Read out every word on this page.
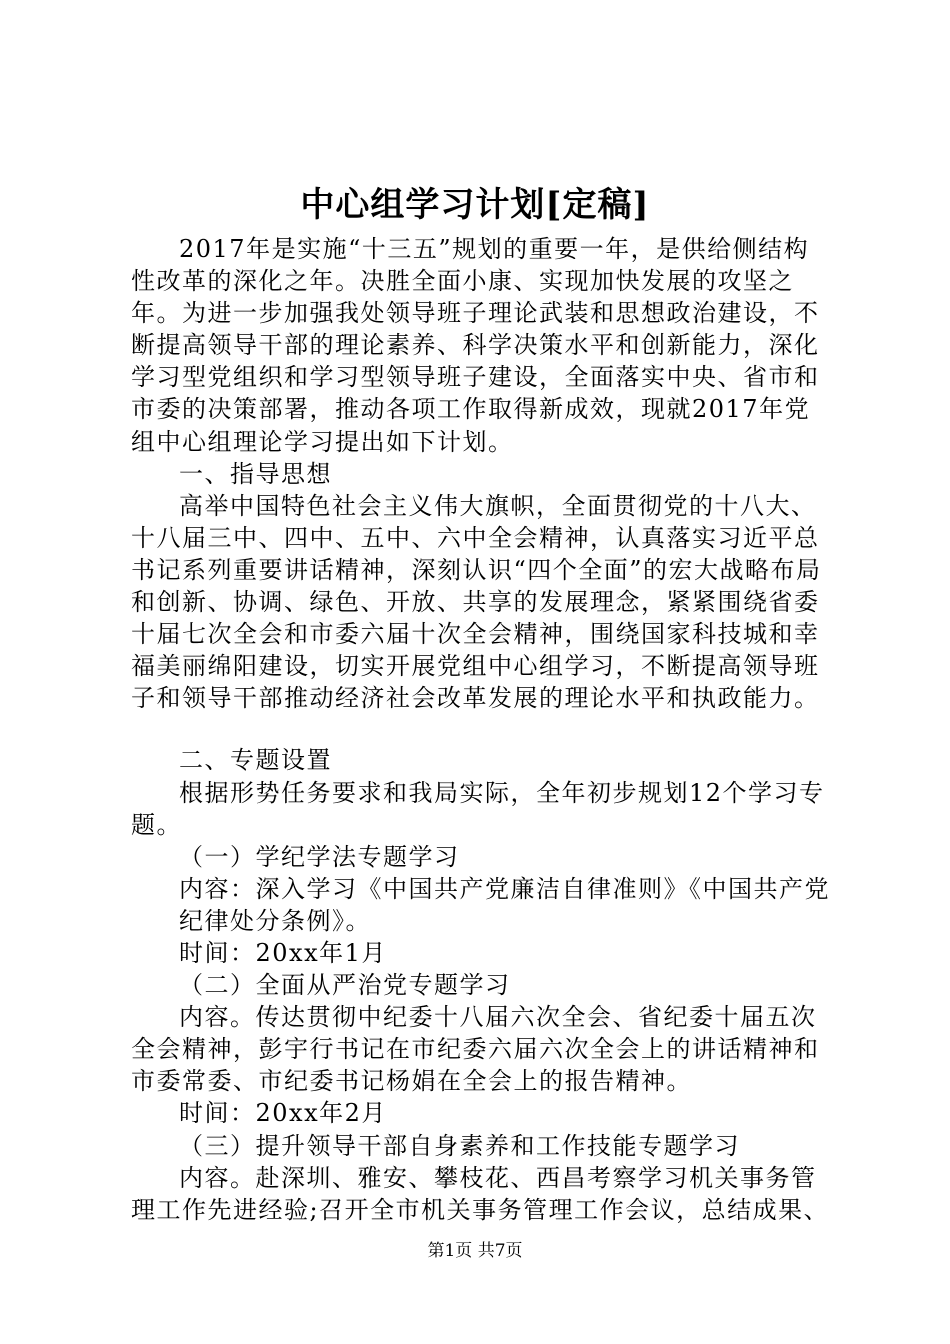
中心组学习计划[定稿]

2017年是实施“十三五”规划的重要一年，是供给侧结构性改革的深化之年。决胜全面小康、实现加快发展的攻坚之年。为进一步加强我处领导班子理论武装和思想政治建设，不断提高领导干部的理论素养、科学决策水平和创新能力，深化学习型党组织和学习型领导班子建设，全面落实中央、省市和市委的决策部署，推动各项工作取得新成效，现就2017年党组中心组理论学习提出如下计划。

一、指导思想

高举中国特色社会主义伟大旗帜，全面贯彻党的十八大、十八届三中、四中、五中、六中全会精神，认真落实习近平总书记系列重要讲话精神，深刻认识“四个全面”的宏大战略布局和创新、协调、绿色、开放、共享的发展理念，紧紧围绕省委十届七次全会和市委六届十次全会精神，围绕国家科技城和幸福美丽绵阳建设，切实开展党组中心组学习，不断提高领导班子和领导干部推动经济社会改革发展的理论水平和执政能力。

二、专题设置

根据形势任务要求和我局实际，全年初步规划12个学习专题。

（一）学纪学法专题学习

内容：深入学习《中国共产党廉洁自律准则》《中国共产党纪律处分条例》。

时间：20xx年1月

（二）全面从严治党专题学习

内容。传达贯彻中纪委十八届六次全会、省纪委十届五次全会精神，彭宇行书记在市纪委六届六次全会上的讲话精神和市委常委、市纪委书记杨娟在全会上的报告精神。

时间：20xx年2月

（三）提升领导干部自身素养和工作技能专题学习

内容。赴深圳、雅安、攀枝花、西昌考察学习机关事务管理工作先进经验;召开全市机关事务管理工作会议，总结成果、

第1页 共7页
